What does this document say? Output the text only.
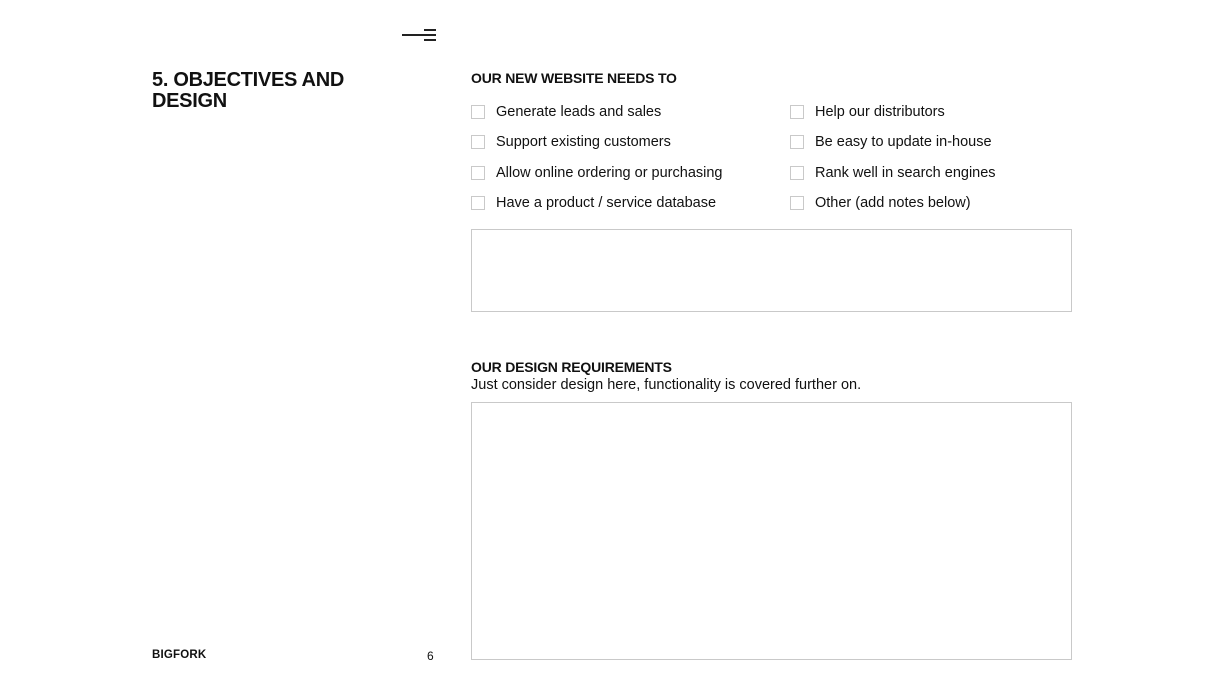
5. OBJECTIVES AND DESIGN
OUR NEW WEBSITE NEEDS TO
Generate leads and sales
Support existing customers
Allow online ordering or purchasing
Have a product / service database
Help our distributors
Be easy to update in-house
Rank well in search engines
Other (add notes below)
OUR DESIGN REQUIREMENTS
Just consider design here, functionality is covered further on.
BIGFORK	6
